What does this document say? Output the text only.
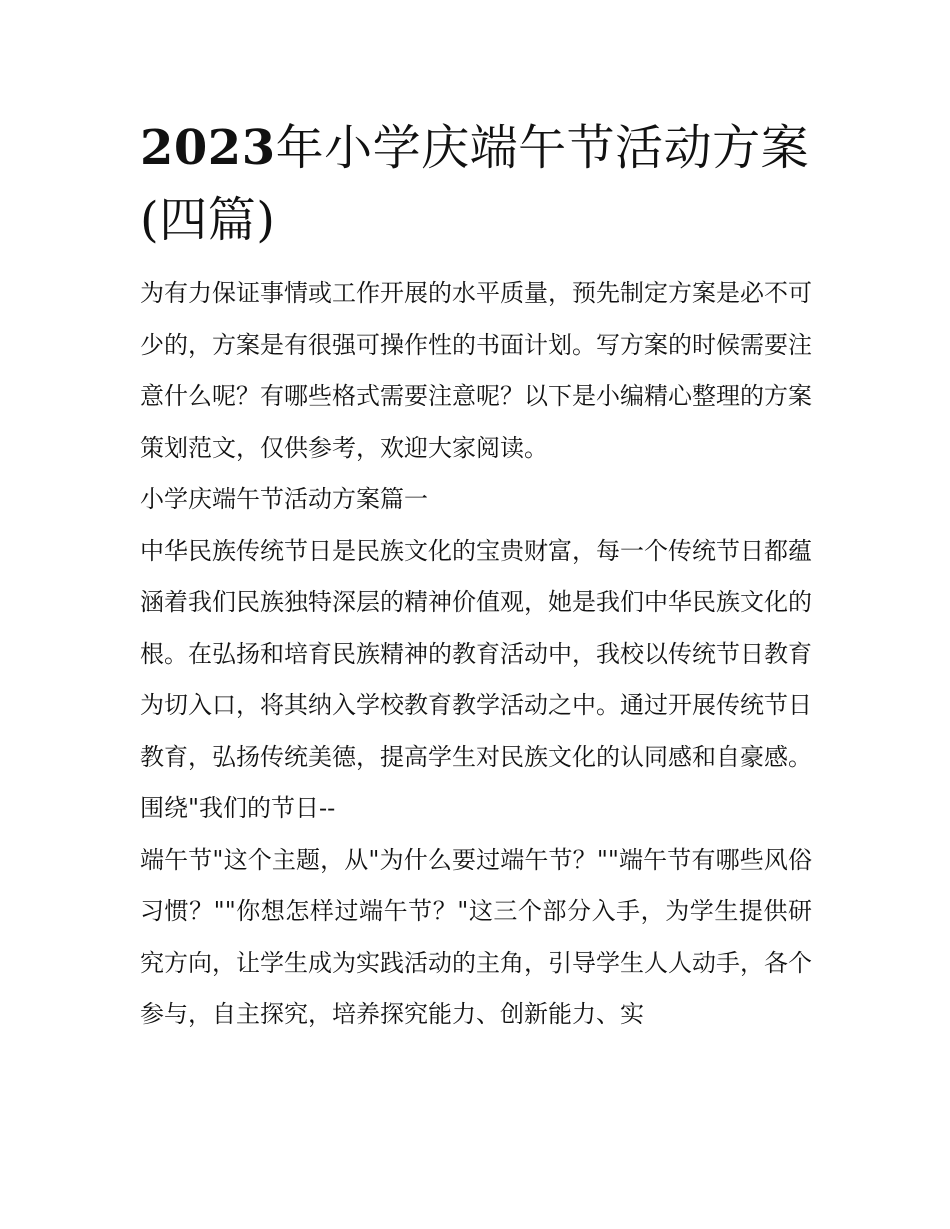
2023年小学庆端午节活动方案(四篇)

为有力保证事情或工作开展的水平质量，预先制定方案是必不可少的，方案是有很强可操作性的书面计划。写方案的时候需要注意什么呢？有哪些格式需要注意呢？以下是小编精心整理的方案策划范文，仅供参考，欢迎大家阅读。

小学庆端午节活动方案篇一

中华民族传统节日是民族文化的宝贵财富，每一个传统节日都蕴涵着我们民族独特深层的精神价值观，她是我们中华民族文化的根。在弘扬和培育民族精神的教育活动中，我校以传统节日教育为切入口，将其纳入学校教育教学活动之中。通过开展传统节日教育，弘扬传统美德，提高学生对民族文化的认同感和自豪感。

围绕"我们的节日--

端午节"这个主题，从"为什么要过端午节？""端午节有哪些风俗习惯？""你想怎样过端午节？"这三个部分入手，为学生提供研究方向，让学生成为实践活动的主角，引导学生人人动手，各个参与，自主探究，培养探究能力、创新能力、实
